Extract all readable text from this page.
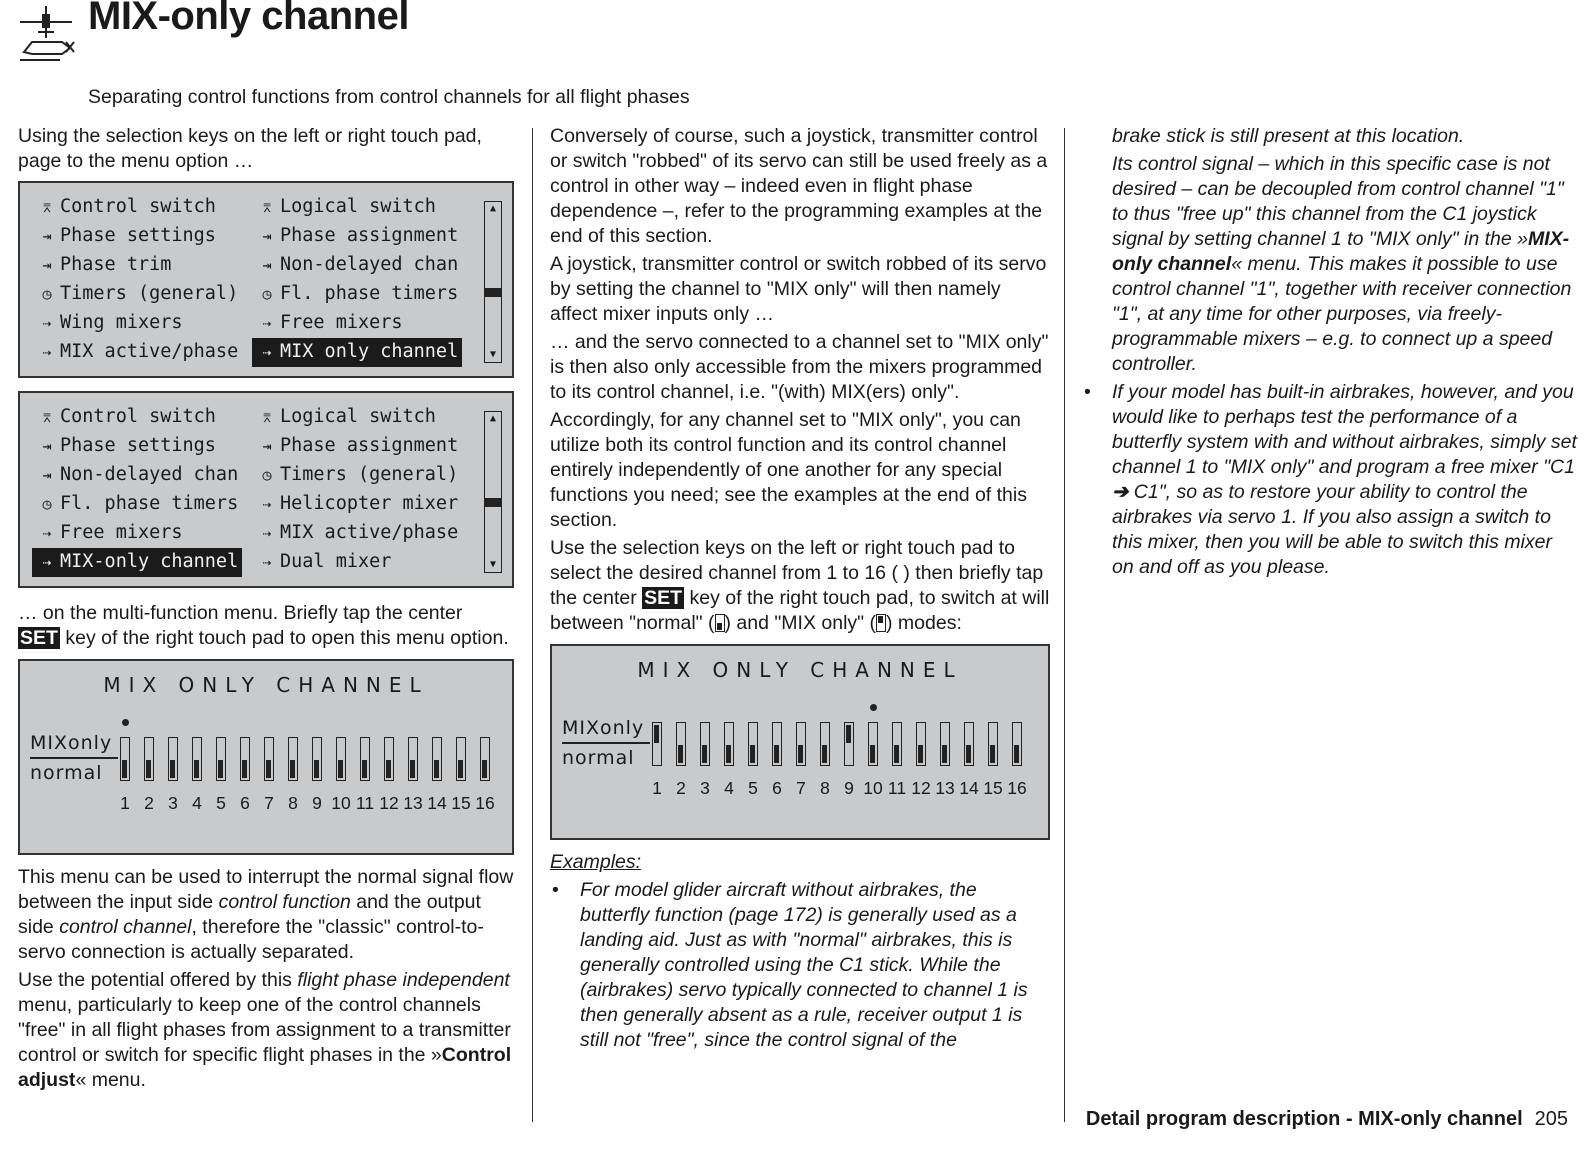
MIX-only channel
Separating control functions from control channels for all flight phases

Using the selection keys on the left or right touch pad, page to the menu option …

▲
▼
⌆ Control switch	⌆ Logical switch
⇥ Phase settings	⇥ Phase assignment
⇥ Phase trim	⇥ Non-delayed chan
◷ Timers (general)	◷ Fl. phase timers
⇢ Wing mixers	⇢ Free mixers
⇢ MIX active/phase	⇢ MIX only channel
▲
▼
⌆ Control switch	⌆ Logical switch
⇥ Phase settings	⇥ Phase assignment
⇥ Non-delayed chan	◷ Timers (general)
◷ Fl. phase timers	⇢ Helicopter mixer
⇢ Free mixers	⇢ MIX active/phase
⇢ MIX-only channel	⇢ Dual mixer

… on the multi-function menu. Briefly tap the center
SET key of the right touch pad to open this menu option.

MIX ONLY CHANNEL
MIXonly
normal
1 2 3 4 5 6 7 8 9 10 11 12 13 14 15 16

This menu can be used to interrupt the normal signal flow between the input side control function and the output side control channel, therefore the "classic" control-to-servo connection is actually separated.

Use the potential offered by this flight phase independent menu, particularly to keep one of the control channels "free" in all flight phases from assignment to a transmitter control or switch for specific flight phases in the »Control adjust« menu.

Conversely of course, such a joystick, transmitter control or switch "robbed" of its servo can still be used freely as a control in other way – indeed even in flight phase dependence –, refer to the programming examples at the end of this section.

A joystick, transmitter control or switch robbed of its servo by setting the channel to "MIX only" will then namely affect mixer inputs only …

… and the servo connected to a channel set to "MIX only" is then also only accessible from the mixers programmed to its control channel, i.e. "(with) MIX(ers) only".

Accordingly, for any channel set to "MIX only", you can utilize both its control function and its control channel entirely independently of one another for any special functions you need; see the examples at the end of this section.

Use the selection keys on the left or right touch pad to select the desired channel from 1 to 16 ( ) then briefly tap the center SET key of the right touch pad, to switch at will between "normal" ( ) and "MIX only" ( ) modes:

MIX ONLY CHANNEL
MIXonly
normal
1 2 3 4 5 6 7 8 9 10 11 12 13 14 15 16

Examples:

• For model glider aircraft without airbrakes, the butterfly function (page 172) is generally used as a landing aid. Just as with "normal" airbrakes, this is generally controlled using the C1 stick. While the (airbrakes) servo typically connected to channel 1 is then generally absent as a rule, receiver output 1 is still not "free", since the control signal of the

brake stick is still present at this location.

Its control signal – which in this specific case is not desired – can be decoupled from control channel "1" to thus "free up" this channel from the C1 joystick signal by setting channel 1 to "MIX only" in the »MIX-only channel« menu. This makes it possible to use control channel "1", together with receiver connection "1", at any time for other purposes, via freely-programmable mixers – e.g. to connect up a speed controller.

• If your model has built-in airbrakes, however, and you would like to perhaps test the performance of a butterfly system with and without airbrakes, simply set channel 1 to "MIX only" and program a free mixer "C1 ➔ C1", so as to restore your ability to control the airbrakes via servo 1. If you also assign a switch to this mixer, then you will be able to switch this mixer on and off as you please.
Detail program description - MIX-only channel 205
